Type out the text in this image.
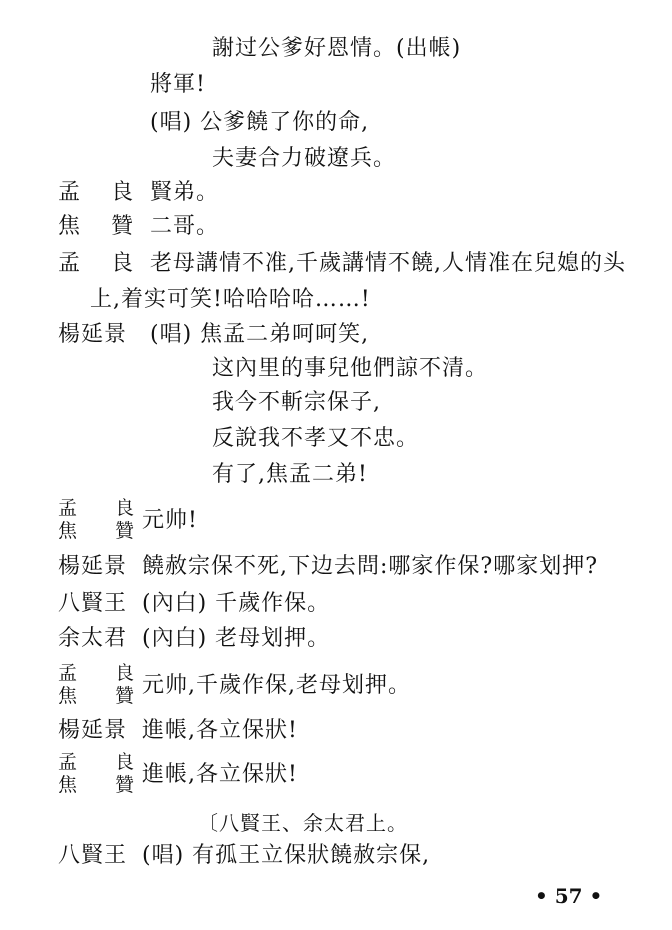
謝过公爹好恩情。(出帳)
將軍!
(唱) 公爹饒了你的命,
夫妻合力破遼兵。
孟 良 賢弟。
焦 贊 二哥。
孟 良 老母講情不准,千歲講情不饒,人情准在兒媳的头
上,着实可笑!哈哈哈哈……!
楊延景 (唱) 焦孟二弟呵呵笑,
这內里的事兒他們諒不清。
我今不斬宗保子,
反說我不孝又不忠。
有了,焦孟二弟!
孟 良
焦 贊
元帅!
楊延景 饒赦宗保不死,下边去問:哪家作保?哪家划押?
八賢王 (內白) 千歲作保。
余太君 (內白) 老母划押。
孟 良
焦 贊
元帅,千歲作保,老母划押。
楊延景 進帳,各立保狀!
孟 良
焦 贊
進帳,各立保狀!
〔八賢王、余太君上。
八賢王 (唱) 有孤王立保狀饒赦宗保,
• 57 •
